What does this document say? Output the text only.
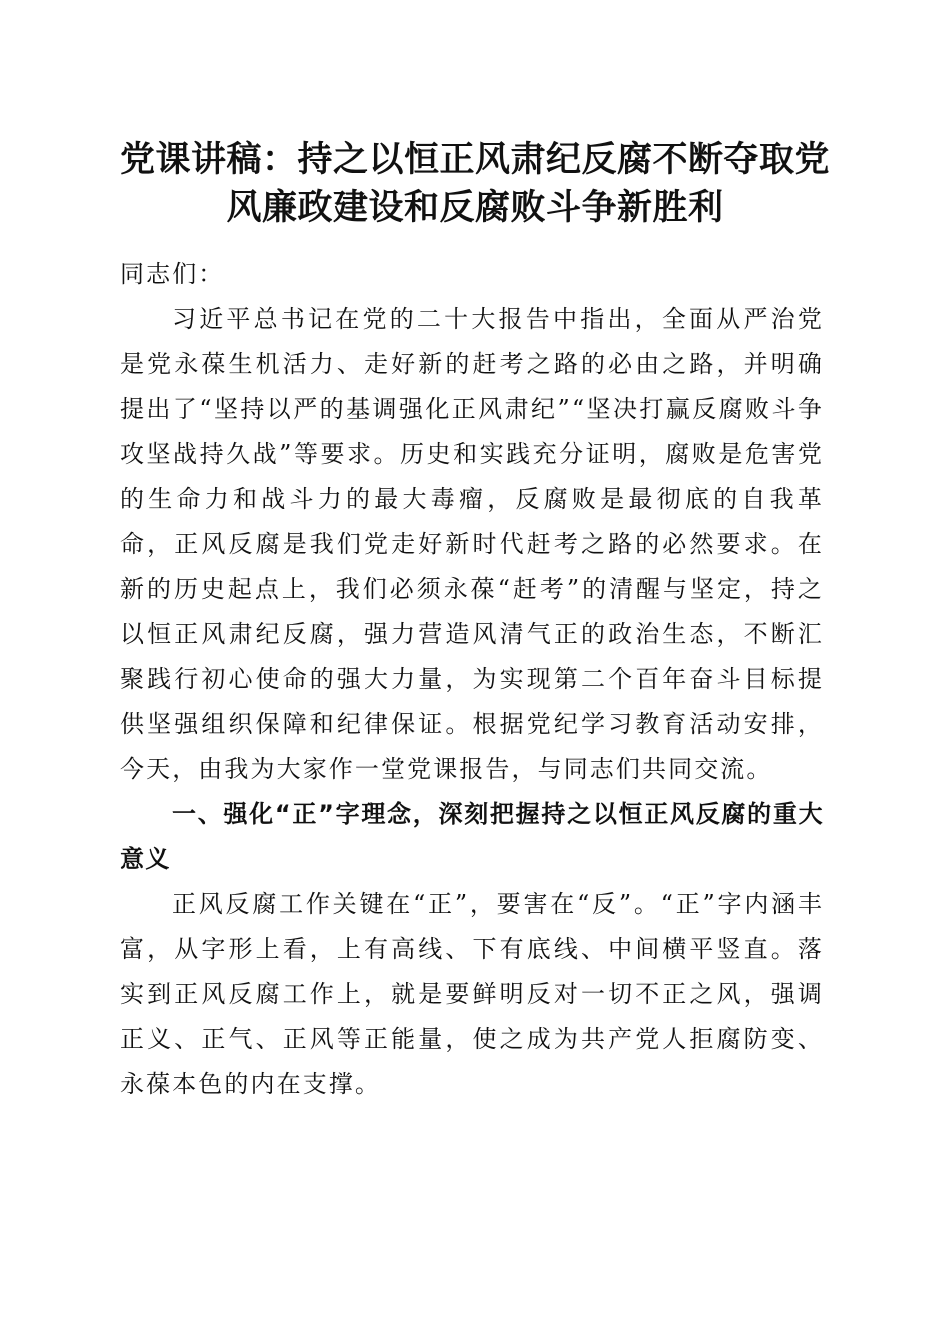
党课讲稿：持之以恒正风肃纪反腐不断夺取党
风廉政建设和反腐败斗争新胜利

同志们：

习近平总书记在党的二十大报告中指出，全面从严治党是党永葆生机活力、走好新的赶考之路的必由之路，并明确提出了“坚持以严的基调强化正风肃纪”“坚决打赢反腐败斗争攻坚战持久战”等要求。历史和实践充分证明，腐败是危害党的生命力和战斗力的最大毒瘤，反腐败是最彻底的自我革命，正风反腐是我们党走好新时代赶考之路的必然要求。在新的历史起点上，我们必须永葆“赶考”的清醒与坚定，持之以恒正风肃纪反腐，强力营造风清气正的政治生态，不断汇聚践行初心使命的强大力量，为实现第二个百年奋斗目标提供坚强组织保障和纪律保证。根据党纪学习教育活动安排，今天，由我为大家作一堂党课报告，与同志们共同交流。

一、强化“正”字理念，深刻把握持之以恒正风反腐的重大意义

正风反腐工作关键在“正”，要害在“反”。“正”字内涵丰富，从字形上看，上有高线、下有底线、中间横平竖直。落实到正风反腐工作上，就是要鲜明反对一切不正之风，强调正义、正气、正风等正能量，使之成为共产党人拒腐防变、永葆本色的内在支撑。
